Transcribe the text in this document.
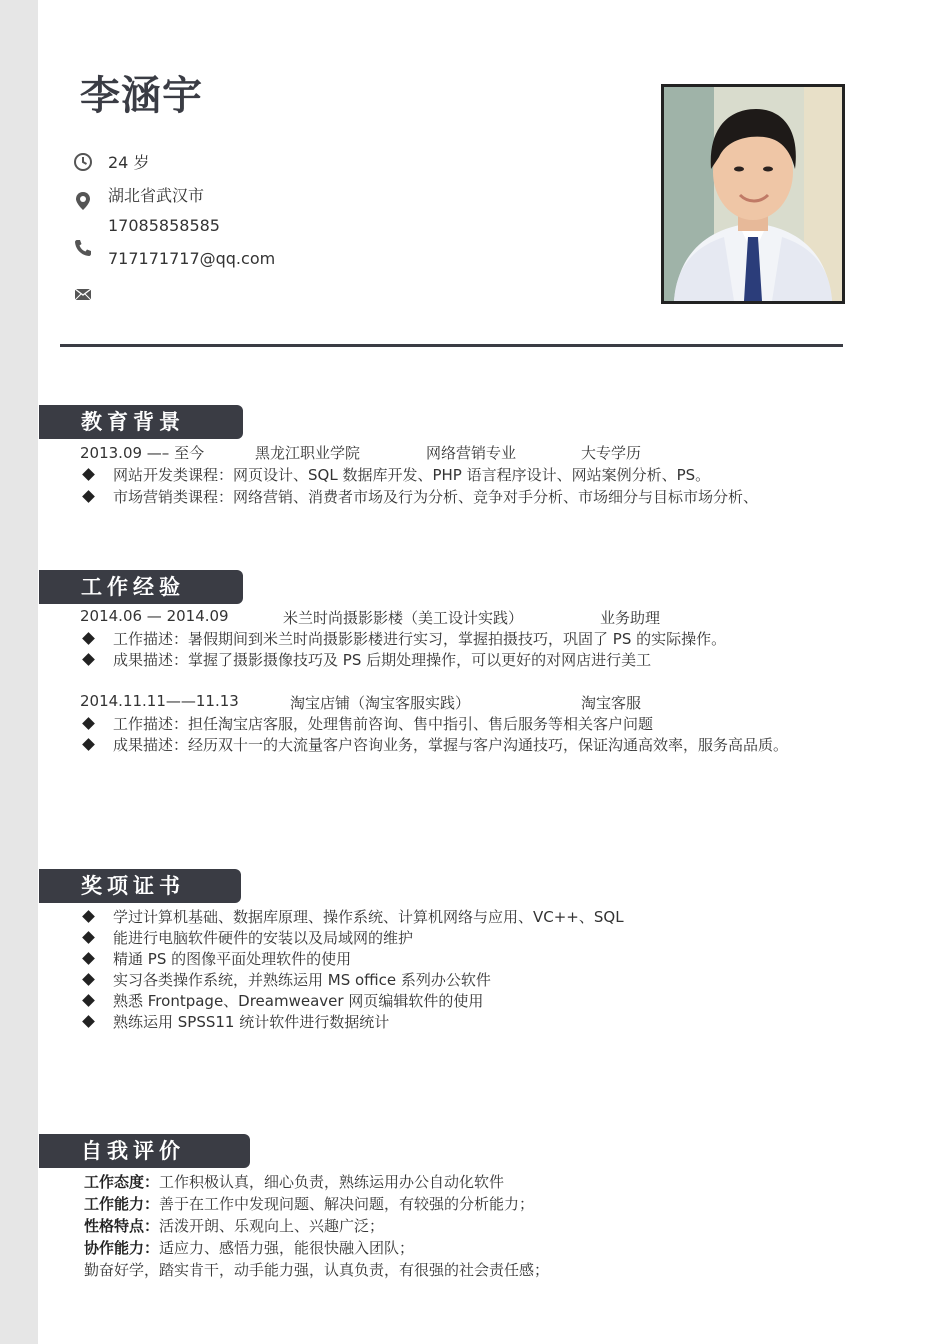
李涵宇
24 岁
湖北省武汉市
17085858585
717171717@qq.com
教育背景
2013.09 —– 至今	黑龙江职业学院	网络营销专业	大专学历
网站开发类课程：网页设计、SQL 数据库开发、PHP 语言程序设计、网站案例分析、PS。
市场营销类课程：网络营销、消费者市场及行为分析、竞争对手分析、市场细分与目标市场分析、
工作经验
2014.06 — 2014.09	米兰时尚摄影影楼（美工设计实践）	业务助理
工作描述：暑假期间到米兰时尚摄影影楼进行实习，掌握拍摄技巧，巩固了 PS 的实际操作。
成果描述：掌握了摄影摄像技巧及 PS 后期处理操作，可以更好的对网店进行美工
2014.11.11——11.13	淘宝店铺（淘宝客服实践）	淘宝客服
工作描述：担任淘宝店客服，处理售前咨询、售中指引、售后服务等相关客户问题
成果描述：经历双十一的大流量客户咨询业务，掌握与客户沟通技巧，保证沟通高效率，服务高品质。
奖项证书
学过计算机基础、数据库原理、操作系统、计算机网络与应用、VC++、SQL
能进行电脑软件硬件的安装以及局域网的维护
精通 PS 的图像平面处理软件的使用
实习各类操作系统，并熟练运用 MS office 系列办公软件
熟悉 Frontpage、Dreamweaver 网页编辑软件的使用
熟练运用 SPSS11 统计软件进行数据统计
自我评价
工作态度：工作积极认真，细心负责，熟练运用办公自动化软件
工作能力：善于在工作中发现问题、解决问题，有较强的分析能力；
性格特点：活泼开朗、乐观向上、兴趣广泛；
协作能力：适应力、感悟力强，能很快融入团队；
勤奋好学，踏实肯干，动手能力强，认真负责，有很强的社会责任感；
